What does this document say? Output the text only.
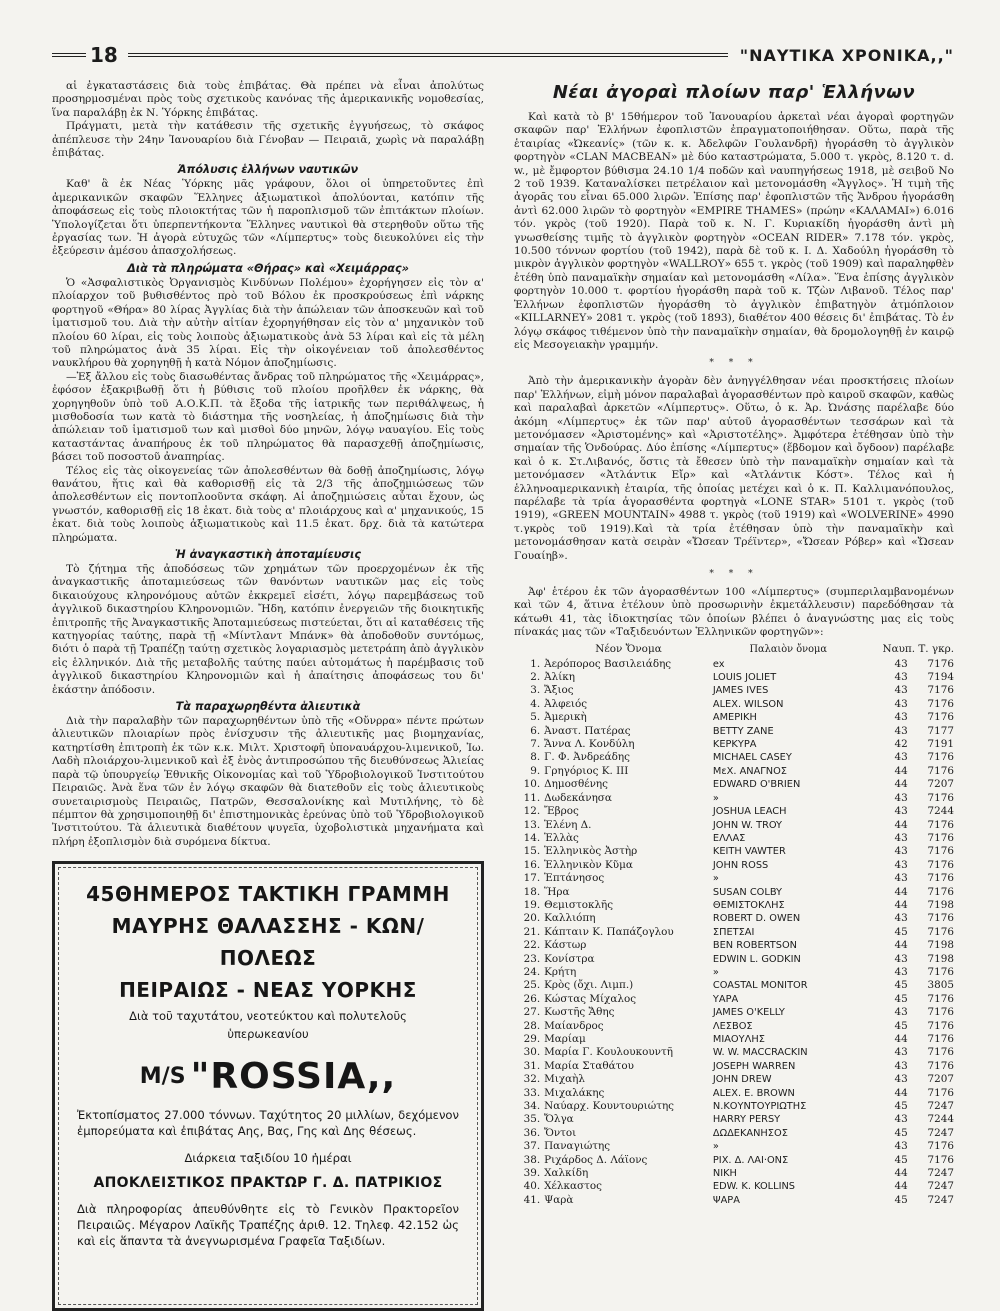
18	"ΝΑΥΤΙΚΑ ΧΡΟΝΙΚΑ,,"

αἱ ἐγκαταστάσεις διὰ τοὺς ἐπιβάτας. Θὰ πρέπει νὰ εἶναι ἀπολύτως προσηρμοσμέναι πρὸς τοὺς σχετικοὺς κανόνας τῆς ἀμερικανικῆς νομοθεσίας, ἵνα παραλάβῃ ἐκ Ν. Ὑόρκης ἐπιβάτας.

Πράγματι, μετὰ τὴν κατάθεσιν τῆς σχετικῆς ἐγγυήσεως, τὸ σκάφος ἀπέπλευσε τὴν 24ην Ἰανουαρίου διὰ Γένοβαν — Πειραιᾶ, χωρὶς νὰ παραλάβῃ ἐπιβάτας.

Ἀπόλυσις ἑλλήνων ναυτικῶν

Καθ' ἃ ἐκ Νέας Ὑόρκης μᾶς γράφουν, ὅλοι οἱ ὑπηρετοῦντες ἐπὶ ἀμερικανικῶν σκαφῶν Ἕλληνες ἀξιωματικοὶ ἀπολύονται, κατόπιν τῆς ἀποφάσεως εἰς τοὺς πλοιοκτήτας τῶν ἡ παροπλισμοῦ τῶν ἐπιτάκτων πλοίων. Ὑπολογίζεται ὅτι ὑπερπεντήκοντα Ἕλληνες ναυτικοὶ θὰ στερηθοῦν οὕτω τῆς ἐργασίας των. Ἡ ἀγορὰ εὐτυχῶς τῶν «Λίμπερτυς» τοὺς διευκολύνει εἰς τὴν ἐξεύρεσιν ἀμέσου ἀπασχολήσεως.

Διὰ τὰ πληρώματα «Θήρας» καὶ «Χειμάρρας»

Ὁ «Ἀσφαλιστικὸς Ὀργανισμὸς Κινδύνων Πολέμου» ἐχορήγησεν εἰς τὸν α' πλοίαρχον τοῦ βυθισθέντος πρὸ τοῦ Βόλου ἐκ προσκρούσεως ἐπὶ νάρκης φορτηγοῦ «Θήρα» 80 λίρας Ἀγγλίας διὰ τὴν ἀπώλειαν τῶν ἀποσκευῶν καὶ τοῦ ἱματισμοῦ του. Διὰ τὴν αὐτὴν αἰτίαν ἐχορηγήθησαν εἰς τὸν α' μηχανικὸν τοῦ πλοίου 60 λίραι, εἰς τοὺς λοιποὺς ἀξιωματικοὺς ἀνὰ 53 λίραι καὶ εἰς τὰ μέλη τοῦ πληρώματος ἀνὰ 35 λίραι. Εἰς τὴν οἰκογένειαν τοῦ ἀπολεσθέντος ναυκλήρου θὰ χορηγηθῇ ἡ κατὰ Νόμον ἀποζημίωσις.

—Ἐξ ἄλλου εἰς τοὺς διασωθέντας ἄνδρας τοῦ πληρώματος τῆς «Χειμάρρας», ἐφόσον ἐξακριβωθῇ ὅτι ἡ βύθισις τοῦ πλοίου προῆλθεν ἐκ νάρκης, θὰ χορηγηθοῦν ὑπὸ τοῦ Α.Ο.Κ.Π. τὰ ἔξοδα τῆς ἰατρικῆς των περιθάλψεως, ἡ μισθοδοσία των κατὰ τὸ διάστημα τῆς νοσηλείας, ἡ ἀποζημίωσις διὰ τὴν ἀπώλειαν τοῦ ἱματισμοῦ των καὶ μισθοὶ δύο μηνῶν, λόγῳ ναυαγίου. Εἰς τοὺς καταστάντας ἀναπήρους ἐκ τοῦ πληρώματος θὰ παρασχεθῇ ἀποζημίωσις, βάσει τοῦ ποσοστοῦ ἀναπηρίας.

Τέλος εἰς τὰς οἰκογενείας τῶν ἀπολεσθέντων θὰ δοθῇ ἀποζημίωσις, λόγῳ θανάτου, ἥτις καὶ θὰ καθορισθῇ εἰς τὰ 2/3 τῆς ἀποζημιώσεως τῶν ἀπολεσθέντων εἰς ποντοπλοοῦντα σκάφη. Αἱ ἀποζημιώσεις αὗται ἔχουν, ὡς γνωστόν, καθορισθῇ εἰς 18 ἑκατ. διὰ τοὺς α' πλοιάρχους καὶ α' μηχανικούς, 15 ἑκατ. διὰ τοὺς λοιποὺς ἀξιωματικοὺς καὶ 11.5 ἑκατ. δρχ. διὰ τὰ κατώτερα πληρώματα.

Ἡ ἀναγκαστικὴ ἀποταμίευσις

Τὸ ζήτημα τῆς ἀποδόσεως τῶν χρημάτων τῶν προερχομένων ἐκ τῆς ἀναγκαστικῆς ἀποταμιεύσεως τῶν θανόντων ναυτικῶν μας εἰς τοὺς δικαιούχους κληρονόμους αὐτῶν ἐκκρεμεῖ εἰσέτι, λόγῳ παρεμβάσεως τοῦ ἀγγλικοῦ δικαστηρίου Κληρονομιῶν. Ἤδη, κατόπιν ἐνεργειῶν τῆς διοικητικῆς ἐπιτροπῆς τῆς Ἀναγκαστικῆς Ἀποταμιεύσεως πιστεύεται, ὅτι αἱ καταθέσεις τῆς κατηγορίας ταύτης, παρὰ τῇ «Μίντλαντ Μπάνκ» θὰ ἀποδοθοῦν συντόμως, διότι ὁ παρὰ τῇ Τραπέζῃ ταύτῃ σχετικὸς λογαριασμὸς μετετράπη ἀπὸ ἀγγλικὸν εἰς ἑλληνικόν. Διὰ τῆς μεταβολῆς ταύτης παύει αὐτομάτως ἡ παρέμβασις τοῦ ἀγγλικοῦ δικαστηρίου Κληρονομιῶν καὶ ἡ ἀπαίτησις ἀποφάσεως του δι' ἑκάστην ἀπόδοσιν.

Τὰ παραχωρηθέντα ἁλιευτικὰ

Διὰ τὴν παραλαβὴν τῶν παραχωρηθέντων ὑπὸ τῆς «Οὔνρρα» πέντε πρώτων ἁλιευτικῶν πλοιαρίων πρὸς ἐνίσχυσιν τῆς ἁλιευτικῆς μας βιομηχανίας, κατηρτίσθη ἐπιτροπὴ ἐκ τῶν κ.κ. Μιλτ. Χριστοφῆ ὑποναυάρχου-λιμενικοῦ, Ἰω. Λαδὴ πλοιάρχου-λιμενικοῦ καὶ ἐξ ἑνὸς ἀντιπροσώπου τῆς διευθύνσεως Ἁλιείας παρὰ τῷ ὑπουργείῳ Ἐθνικῆς Οἰκονομίας καὶ τοῦ Ὑδροβιολογικοῦ Ἰνστιτούτου Πειραιῶς. Ἀνὰ ἕνα τῶν ἐν λόγῳ σκαφῶν θὰ διατεθοῦν εἰς τοὺς ἁλιευτικοὺς συνεταιρισμοὺς Πειραιῶς, Πατρῶν, Θεσσαλονίκης καὶ Μυτιλήνης, τὸ δὲ πέμπτον θὰ χρησιμοποιηθῇ δι' ἐπιστημονικὰς ἐρεύνας ὑπὸ τοῦ Ὑδροβιολογικοῦ Ἰνστιτούτου. Τὰ ἁλιευτικὰ διαθέτουν ψυγεῖα, ὑχοβολιστικὰ μηχανήματα καὶ πλήρη ἐξοπλισμὸν διὰ συρόμενα δίκτυα.

45ΘΗΜΕΡΟΣ ΤΑΚΤΙΚΗ ΓΡΑΜΜΗ
ΜΑΥΡΗΣ ΘΑΛΑΣΣΗΣ - ΚΩΝ/ΠΟΛΕΩΣ
ΠΕΙΡΑΙΩΣ - ΝΕΑΣ ΥΟΡΚΗΣ
Διὰ τοῦ ταχυτάτου, νεοτεύκτου καὶ πολυτελοῦς
ὑπερωκεανίου
M/S "ROSSIA,,

Ἐκτοπίσματος 27.000 τόννων. Ταχύτητος 20 μιλλίων, δεχόμενον ἐμπορεύματα καὶ ἐπιβάτας Αης, Βας, Γης καὶ Δης θέσεως.

Διάρκεια ταξιδίου 10 ἡμέραι
ΑΠΟΚΛΕΙΣΤΙΚΟΣ ΠΡΑΚΤΩΡ Γ. Δ. ΠΑΤΡΙΚΙΟΣ

Διὰ πληροφορίας ἀπευθύνθητε εἰς τὸ Γενικὸν Πρακτορεῖον Πειραιῶς. Μέγαρον Λαϊκῆς Τραπέζης ἀριθ. 12. Τηλεφ. 42.152 ὡς καὶ εἰς ἅπαντα τὰ ἀνεγνωρισμένα Γραφεῖα Ταξιδίων.

Νέαι ἀγοραὶ πλοίων παρ' Ἑλλήνων

Καὶ κατὰ τὸ β' 15θήμερον τοῦ Ἰανουαρίου ἀρκεταὶ νέαι ἀγοραὶ φορτηγῶν σκαφῶν παρ' Ἑλλήνων ἐφοπλιστῶν ἐπραγματοποιήθησαν. Οὕτω, παρὰ τῆς ἑταιρίας «Ὠκεανίς» (τῶν κ. κ. Ἀδελφῶν Γουλανδρῆ) ἠγοράσθη τὸ ἀγγλικὸν φορτηγὸν «CLAN MACBEAN» μὲ δύο καταστρώματα, 5.000 τ. γκρὸς, 8.120 τ. d. w., μὲ ἔμφορτον βύθισμα 24.10 1/4 ποδῶν καὶ ναυπηγήσεως 1918, μὲ σειβοῦ Νο 2 τοῦ 1939. Καταναλίσκει πετρέλαιον καὶ μετονομάσθη «Ἄγγλος». Ἡ τιμὴ τῆς ἀγορᾶς του εἶναι 65.000 λιρῶν. Ἐπίσης παρ' ἐφοπλιστῶν τῆς Ἄνδρου ἠγοράσθη ἀντὶ 62.000 λιρῶν τὸ φορτηγὸν «EMPIRE THAMES» (πρώην «ΚΑΛΑΜΑΙ») 6.016 τόν. γκρὸς (τοῦ 1920). Παρὰ τοῦ κ. Ν. Γ. Κυριακίδη ἠγοράσθη ἀντὶ μὴ γνωσθείσης τιμῆς τὸ ἀγγλικὸν φορτηγὸν «OCEAN RIDER» 7.178 τόν. γκρὸς, 10.500 τόννων φορτίου (τοῦ 1942), παρὰ δὲ τοῦ κ. Ι. Δ. Χαδούλη ἠγοράσθη τὸ μικρὸν ἀγγλικὸν φορτηγὸν «WALLROY» 655 τ. γκρὸς (τοῦ 1909) καὶ παραληφθὲν ἐτέθη ὑπὸ παναμαϊκὴν σημαίαν καὶ μετονομάσθη «Λίλα». Ἕνα ἐπίσης ἀγγλικὸν φορτηγὸν 10.000 τ. φορτίου ἠγοράσθη παρὰ τοῦ κ. Τζὼν Λιβανοῦ. Τέλος παρ' Ἑλλήνων ἐφοπλιστῶν ἠγοράσθη τὸ ἀγγλικὸν ἐπιβατηγὸν ἀτμόπλοιον «KILLARNEY» 2081 τ. γκρὸς (τοῦ 1893), διαθέτον 400 θέσεις δι' ἐπιβάτας. Τὸ ἐν λόγῳ σκάφος τιθέμενον ὑπὸ τὴν παναμαϊκὴν σημαίαν, θὰ δρομολογηθῇ ἐν καιρῷ εἰς Μεσογειακὴν γραμμήν.

* * *

Ἀπὸ τὴν ἀμερικανικὴν ἀγορὰν δὲν ἀνηγγέλθησαν νέαι προσκτήσεις πλοίων παρ' Ἑλλήνων, εἰμὴ μόνον παραλαβαὶ ἀγορασθέντων πρὸ καιροῦ σκαφῶν, καθὼς καὶ παραλαβαὶ ἀρκετῶν «Λίμπερτυς». Οὕτω, ὁ κ. Ἀρ. Ὠνάσης παρέλαβε δύο ἀκόμη «Λίμπερτυς» ἐκ τῶν παρ' αὐτοῦ ἀγορασθέντων τεσσάρων καὶ τὰ μετονόμασεν «Ἀριστομένης» καὶ «Ἀριστοτέλης». Ἀμφότερα ἐτέθησαν ὑπὸ τὴν σημαίαν τῆς Ὁνδούρας. Δύο ἐπίσης «Λίμπερτυς» (ἕβδομον καὶ ὄγδοον) παρέλαβε καὶ ὁ κ. Στ.Λιβανός, ὅστις τὰ ἔθεσεν ὑπὸ τὴν παναμαϊκὴν σημαίαν καὶ τὰ μετονόμασεν «Ἀτλάντικ Εἴρ» καὶ «Ἀτλάντικ Κόστ». Τέλος καὶ ἡ ἑλληνοαμερικανικὴ ἑταιρία, τῆς ὁποίας μετέχει καὶ ὁ κ. Π. Καλλιμανόπουλος, παρέλαβε τὰ τρία ἀγορασθέντα φορτηγὰ «LONE STAR» 5101 τ. γκρὸς (τοῦ 1919), «GREEN MOUNTAIN» 4988 τ. γκρὸς (τοῦ 1919) καὶ «WOLVERINE» 4990 τ.γκρὸς τοῦ 1919).Καὶ τὰ τρία ἐτέθησαν ὑπὸ τὴν παναμαϊκὴν καὶ μετονομάσθησαν κατὰ σειρὰν «Ὤσεαν Τρέϊντερ», «Ὤσεαν Ρόβερ» καὶ «Ὤσεαν Γουαίηβ».

* * *

Ἀφ' ἑτέρου ἐκ τῶν ἀγορασθέντων 100 «Λίμπερτυς» (συμπεριλαμβανομένων καὶ τῶν 4, ἅτινα ἐτέλουν ὑπὸ προσωρινὴν ἐκμετάλλευσιν) παρεδόθησαν τὰ κάτωθι 41, τὰς ἰδιοκτησίας τῶν ὁποίων βλέπει ὁ ἀναγνώστης μας εἰς τοὺς πίνακάς μας τῶν «Ταξιδευόντων Ἑλληνικῶν φορτηγῶν»:

	Νέον Ὄνομα	Παλαιὸν ὄνομα	Ναυπ. Τ. γκρ.	
1.	Ἀερόπορος Βασιλειάδης	ex	43	7176
2.	Ἀλίκη	LOUIS JOLIET	43	7194
3.	Ἄξιος	JAMES IVES	43	7176
4.	Ἀλφειός	ALEX. WILSON	43	7176
5.	Ἀμερικὴ	ΑΜΕΡΙΚΗ	43	7176
6.	Ἀναστ. Πατέρας	BETTY ZANE	43	7177
7.	Ἄννα Λ. Κονδύλη	ΚΕΡΚΥΡΑ	42	7191
8.	Γ. Φ. Ἀνδρεάδης	MICHAEL CASEY	43	7176
9.	Γρηγόριος Κ. ΙΙΙ	ΜεΧ. ΑΝΑΓΝΟΣ	44	7176
10.	Δημοσθένης	EDWARD O'BRIEN	44	7207
11.	Δωδεκάνησα	»	43	7176
12.	Ἔβρος	JOSHUA LEACH	43	7244
13.	Ἑλένη Δ.	JOHN W. TROY	44	7176
14.	Ἑλλὰς	ΕΛΛΑΣ	43	7176
15.	Ἑλληνικὸς Ἀστὴρ	KEITH VAWTER	43	7176
16.	Ἑλληνικὸν Κῦμα	JOHN ROSS	43	7176
17.	Ἑπτάνησος	»	43	7176
18.	Ἥρα	SUSAN COLBY	44	7176
19.	Θεμιστοκλῆς	ΘΕΜΙΣΤΟΚΛΗΣ	44	7198
20.	Καλλιόπη	ROBERT D. OWEN	43	7176
21.	Κάπταιν Κ. Παπάζογλου	ΣΠΕΤΣΑΙ	45	7176
22.	Κάστωρ	BEN ROBERTSON	44	7198
23.	Κονίστρα	EDWIN L. GODKIN	43	7198
24.	Κρήτη	»	43	7176
25.	Κρὸς (ὄχι. Λιμπ.)	COASTAL MONITOR	45	3805
26.	Κώστας Μίχαλος	ΥΑΡΑ	45	7176
27.	Κωστῆς Ἄθης	JAMES O'KELLY	43	7176
28.	Μαίανδρος	ΛΕΣΒΟΣ	45	7176
29.	Μαρίαμ	ΜΙΑΟΥΛΗΣ	44	7176
30.	Μαρία Γ. Κουλουκουντῆ	W. W. MACCRACKIN	43	7176
31.	Μαρία Σταθάτου	JOSEPH WARREN	43	7176
32.	Μιχαὴλ	JOHN DREW	43	7207
33.	Μιχαλάκης	ALEX. E. BROWN	44	7176
34.	Ναύαρχ. Κουντουριώτης	Ν.ΚΟΥΝΤΟΥΡΙΩΤΗΣ	45	7247
35.	Ὄλγα	HARRY PERSY	43	7244
36.	Ὄντοι	ΔΩΔΕΚΑΝΗΣΟΣ	45	7247
37.	Παναγιώτης	»	43	7176
38.	Ριχάρδος Δ. Λάϊονς	ΡΙΧ. Δ. ΛΑΙ·ΟΝΣ	45	7176
39.	Χαλκίδη	ΝΙΚΗ	44	7247
40.	Χέλκαστος	EDW. K. KOLLINS	44	7247
41.	Ψαρὰ	ΨΑΡΑ	45	7247
